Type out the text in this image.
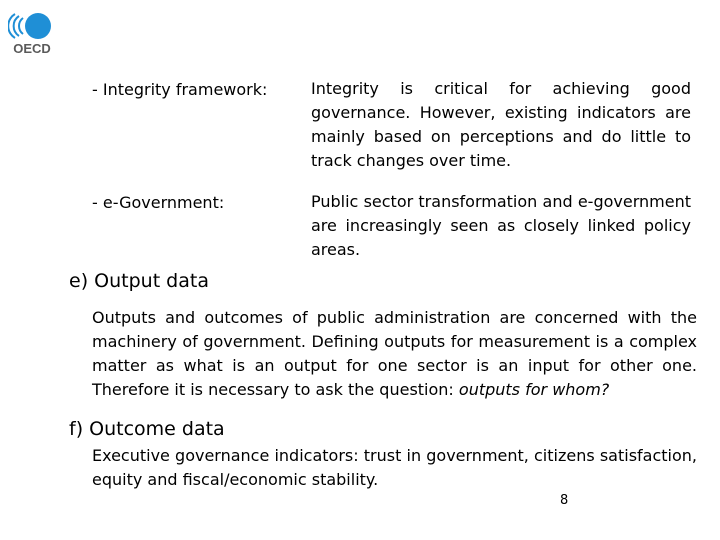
OECD
- Integrity framework:	Integrity is critical for achieving good governance. However, existing indicators are mainly based on perceptions and do little to track changes over time.
- e-Government:	Public sector transformation and e-government are increasingly seen as closely linked policy areas.
e) Output data
Outputs and outcomes of public administration are concerned with the machinery of government. Defining outputs for measurement is a complex matter as what is an output for one sector is an input for other one. Therefore it is necessary to ask the question: outputs for whom?
f) Outcome data
Executive governance indicators: trust in government, citizens satisfaction, equity and fiscal/economic stability.
8
